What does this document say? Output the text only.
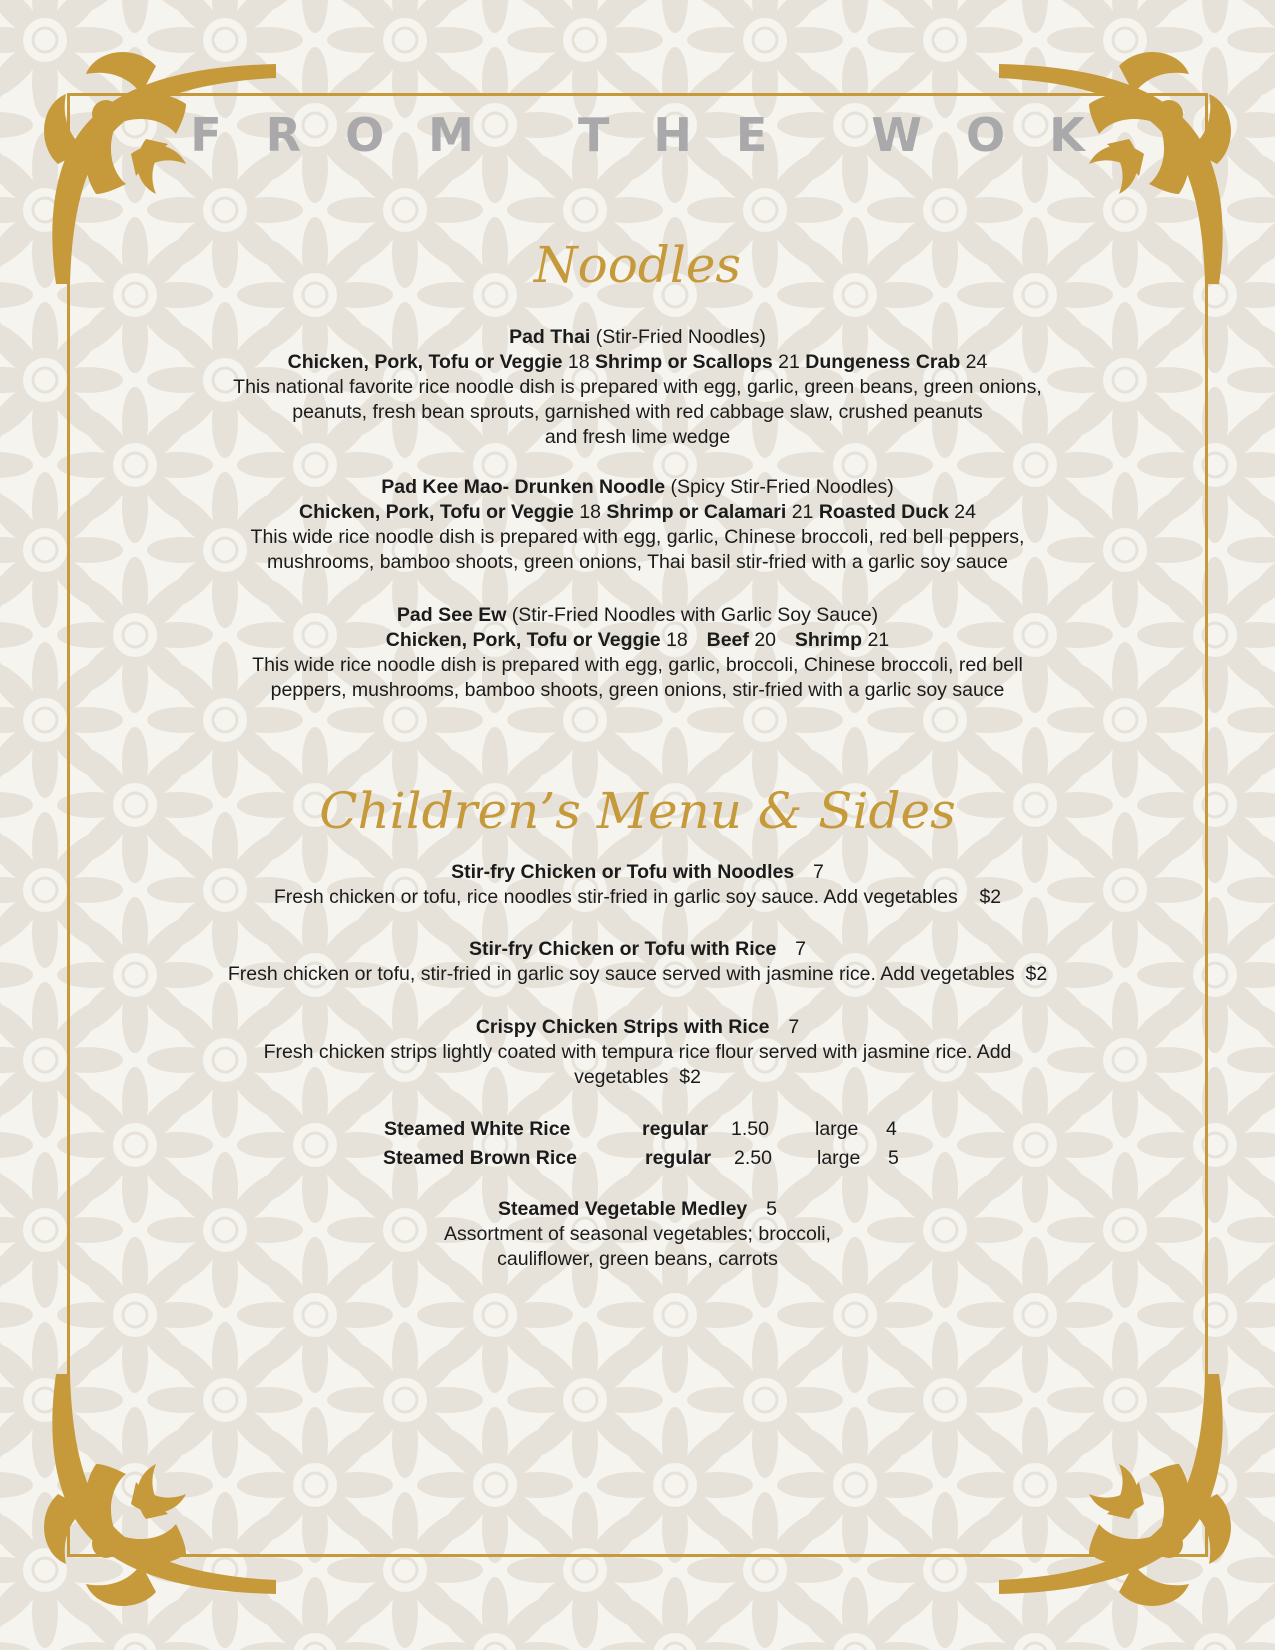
FROM THE WOK
Noodles
Pad Thai (Stir-Fried Noodles)
Chicken, Pork, Tofu or Veggie 18 Shrimp or Scallops 21 Dungeness Crab 24
This national favorite rice noodle dish is prepared with egg, garlic, green beans, green onions,
peanuts, fresh bean sprouts, garnished with red cabbage slaw, crushed peanuts
and fresh lime wedge
Pad Kee Mao- Drunken Noodle (Spicy Stir-Fried Noodles)
Chicken, Pork, Tofu or Veggie 18 Shrimp or Calamari 21 Roasted Duck 24
This wide rice noodle dish is prepared with egg, garlic, Chinese broccoli, red bell peppers,
mushrooms, bamboo shoots, green onions, Thai basil stir-fried with a garlic soy sauce
Pad See Ew (Stir-Fried Noodles with Garlic Soy Sauce)
Chicken, Pork, Tofu or Veggie 18 Beef 20 Shrimp 21
This wide rice noodle dish is prepared with egg, garlic, broccoli, Chinese broccoli, red bell
peppers, mushrooms, bamboo shoots, green onions, stir-fried with a garlic soy sauce
Children’s Menu & Sides
Stir-fry Chicken or Tofu with Noodles 7
Fresh chicken or tofu, rice noodles stir-fried in garlic soy sauce. Add vegetables    $2
Stir-fry Chicken or Tofu with Rice 7
Fresh chicken or tofu, stir-fried in garlic soy sauce served with jasmine rice. Add vegetables  $2
Crispy Chicken Strips with Rice 7
Fresh chicken strips lightly coated with tempura rice flour served with jasmine rice. Add
vegetables  $2
Steamed White Rice	regular 1.50 large 4
Steamed Brown Rice	regular 2.50 large 5
Steamed Vegetable Medley 5
Assortment of seasonal vegetables; broccoli,
cauliflower, green beans, carrots
